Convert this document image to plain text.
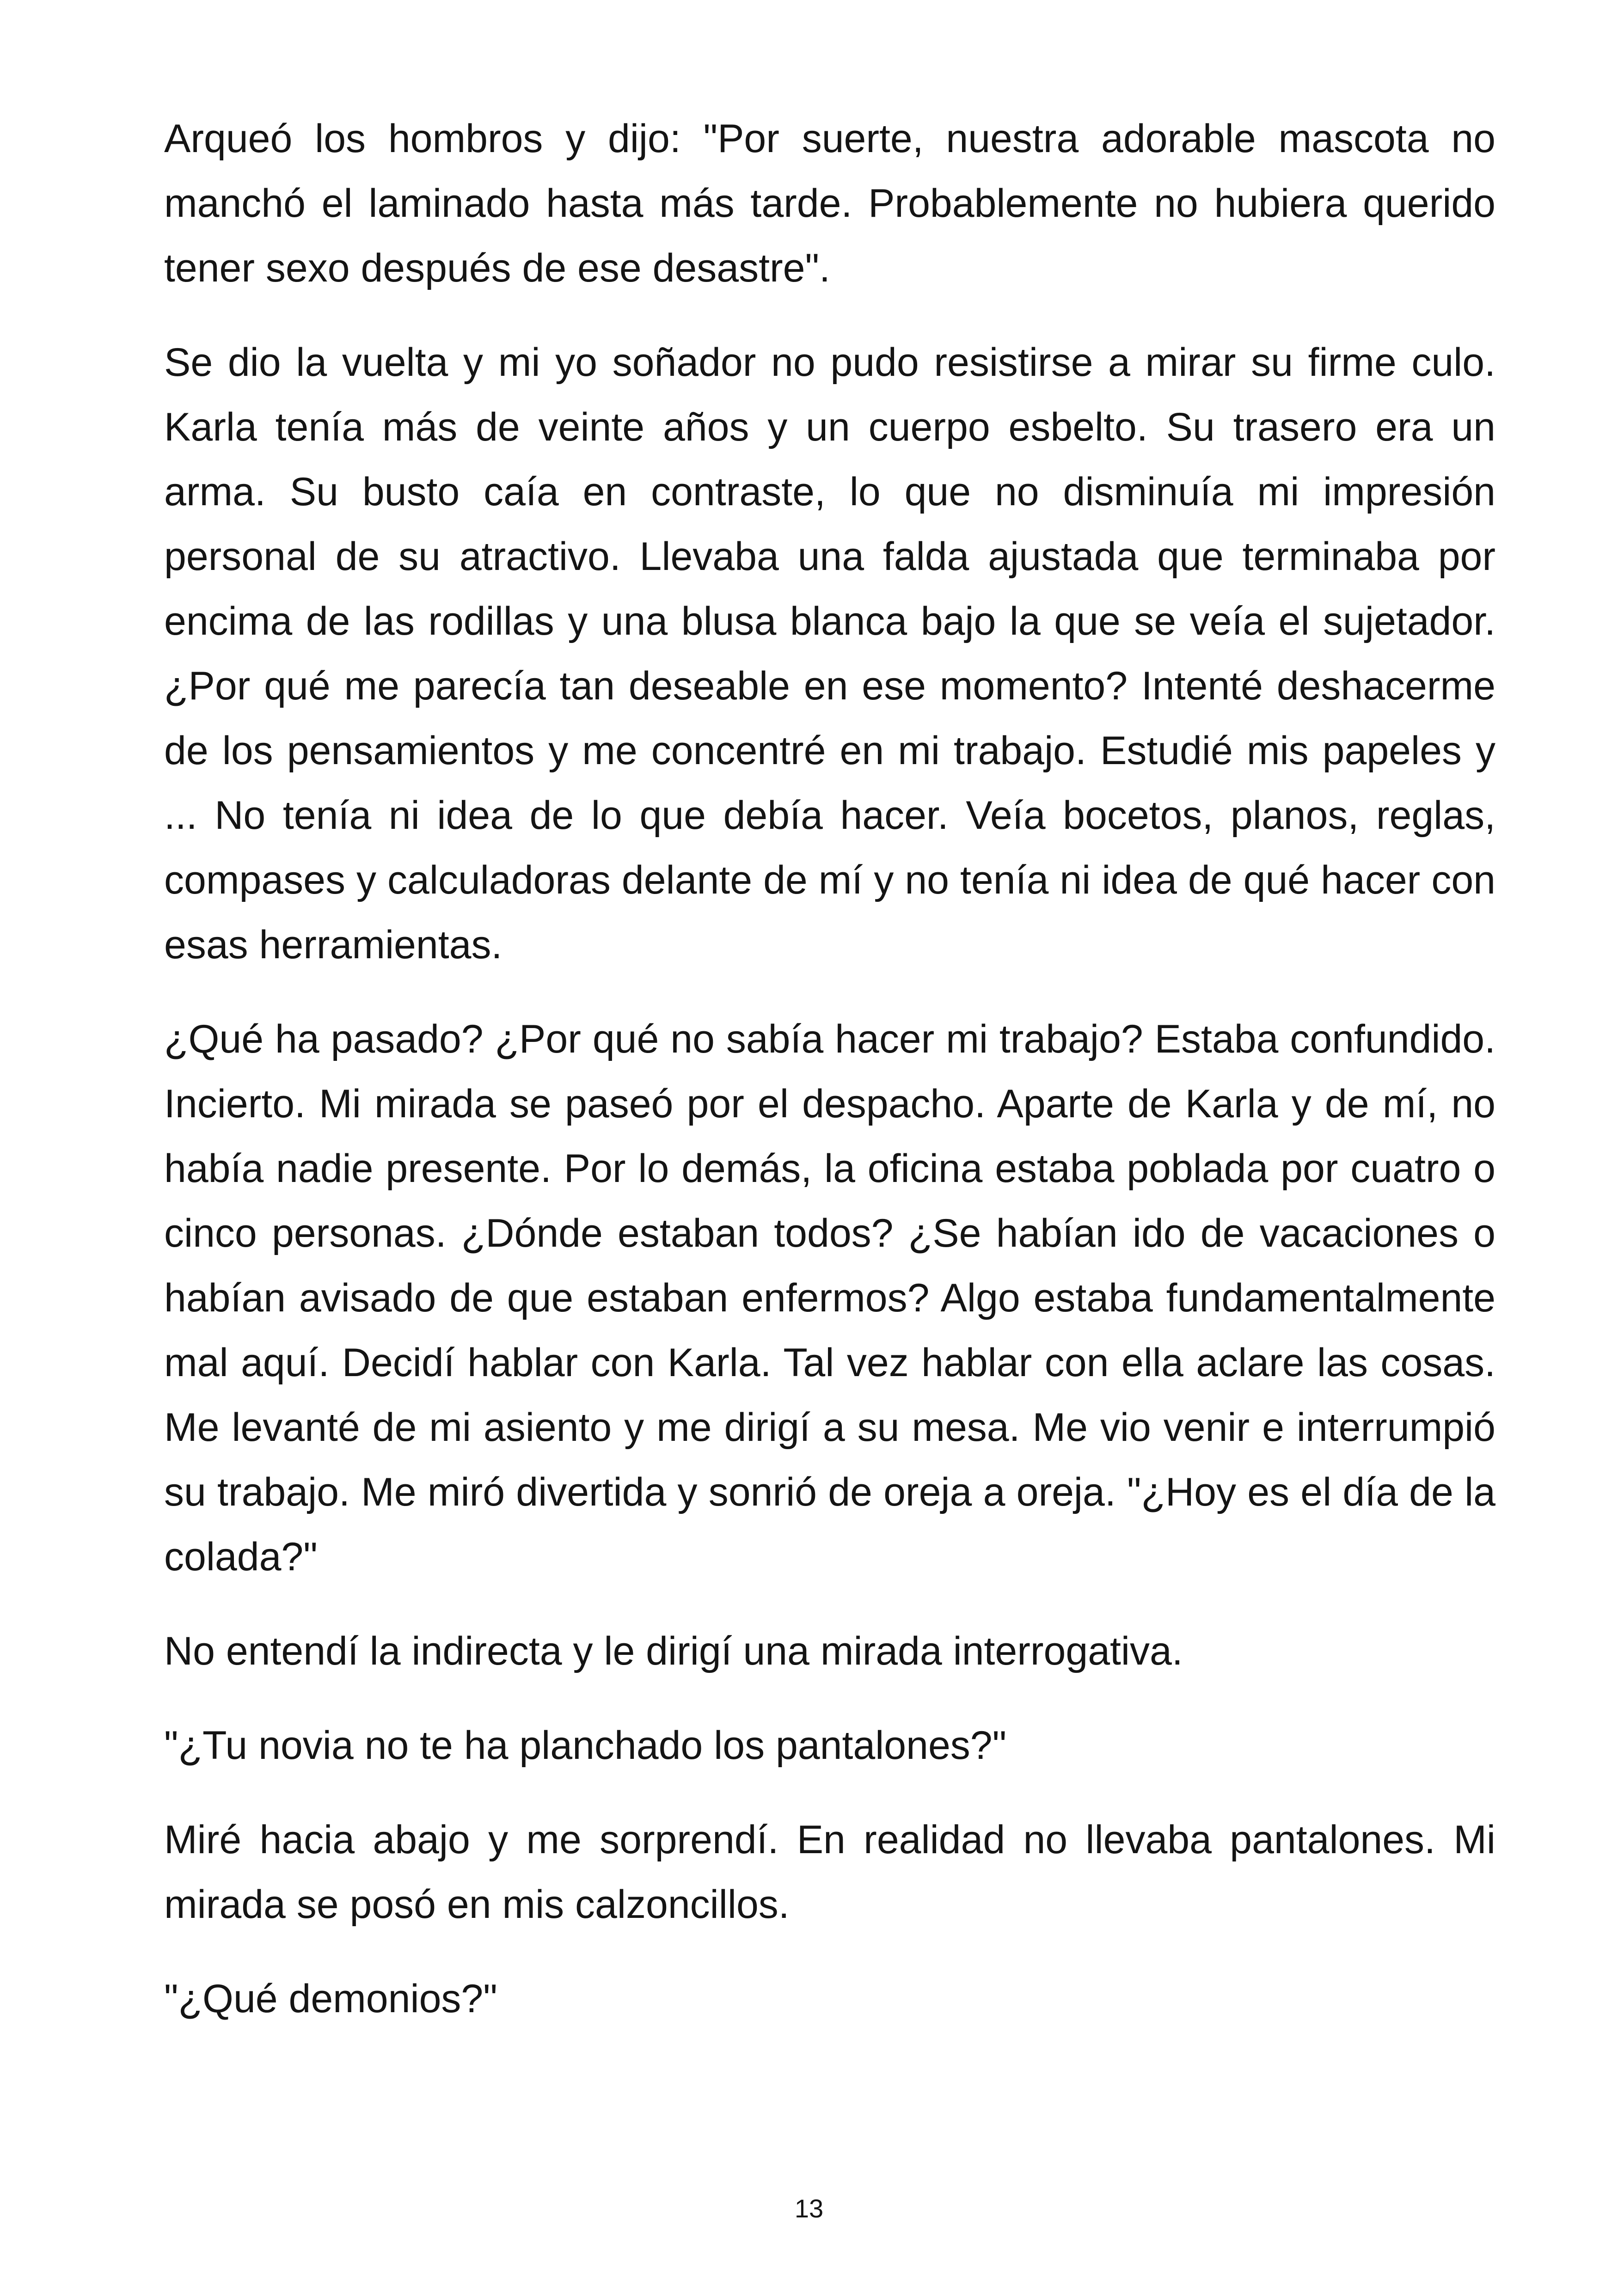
Arqueó los hombros y dijo: "Por suerte, nuestra adorable mascota no manchó el laminado hasta más tarde. Probablemente no hubiera querido tener sexo después de ese desastre".

Se dio la vuelta y mi yo soñador no pudo resistirse a mirar su firme culo. Karla tenía más de veinte años y un cuerpo esbelto. Su trasero era un arma. Su busto caía en contraste, lo que no disminuía mi impresión personal de su atractivo. Llevaba una falda ajustada que terminaba por encima de las rodillas y una blusa blanca bajo la que se veía el sujetador. ¿Por qué me parecía tan deseable en ese momento? Intenté deshacerme de los pensamientos y me concentré en mi trabajo. Estudié mis papeles y ... No tenía ni idea de lo que debía hacer. Veía bocetos, planos, reglas, compases y calculadoras delante de mí y no tenía ni idea de qué hacer con esas herramientas.

¿Qué ha pasado? ¿Por qué no sabía hacer mi trabajo? Estaba confundido. Incierto. Mi mirada se paseó por el despacho. Aparte de Karla y de mí, no había nadie presente. Por lo demás, la oficina estaba poblada por cuatro o cinco personas. ¿Dónde estaban todos? ¿Se habían ido de vacaciones o habían avisado de que estaban enfermos? Algo estaba fundamentalmente mal aquí. Decidí hablar con Karla. Tal vez hablar con ella aclare las cosas. Me levanté de mi asiento y me dirigí a su mesa. Me vio venir e interrumpió su trabajo. Me miró divertida y sonrió de oreja a oreja. "¿Hoy es el día de la colada?"

No entendí la indirecta y le dirigí una mirada interrogativa.

"¿Tu novia no te ha planchado los pantalones?"

Miré hacia abajo y me sorprendí. En realidad no llevaba pantalones. Mi mirada se posó en mis calzoncillos.

"¿Qué demonios?"

13
